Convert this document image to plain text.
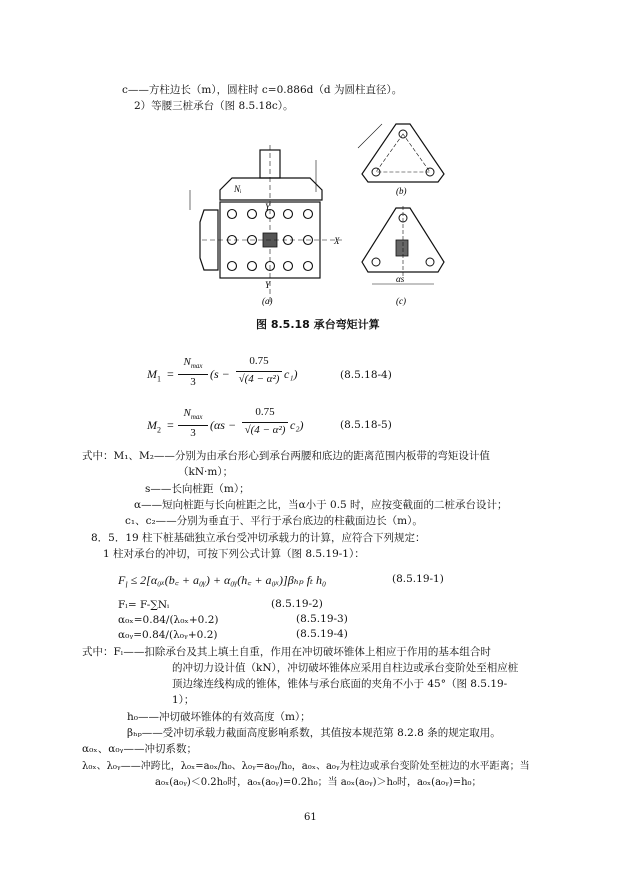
c——方柱边长（m），圆柱时 c=0.886d（d 为圆柱直径）。
2）等腰三桩承台（图 8.5.18c）。
X
Y
Y
Nᵢ
(a)
(b)
αs
(c)
图 8.5.18 承台弯矩计算
$M_1$ =
$N_{max}$
3
(s −
0.75
√(4 − α²) c₁)	(8.5.18-4)
$M_2$ =
$N_{max}$
3
(αs −
0.75
√(4 − α²) c₂)	(8.5.18-5)
式中：M₁、M₂——分别为由承台形心到承台两腰和底边的距离范围内板带的弯矩设计值
（kN·m）；
s——长向桩距（m）；
α——短向桩距与长向桩距之比，当α小于 0.5 时，应按变截面的二桩承台设计；
c₁、c₂——分别为垂直于、平行于承台底边的柱截面边长（m）。
8．5．19 柱下桩基础独立承台受冲切承载力的计算，应符合下列规定：
1 柱对承台的冲切，可按下列公式计算（图 8.5.19-1）：
$F_l$ ≤ 2[α₀ₓ(b꜀ + a₀ᵧ) + α₀ᵧ(h꜀ + a₀ₓ)]βₕₚ fₜ h₀	(8.5.19-1)
Fₗ= F-∑Nᵢ	(8.5.19-2)
α₀ₓ=0.84/(λ₀ₓ+0.2)	(8.5.19-3)
α₀ᵧ=0.84/(λ₀ᵧ+0.2)	(8.5.19-4)
式中：Fₗ——扣除承台及其上填土自重，作用在冲切破坏锥体上相应于作用的基本组合时
的冲切力设计值（kN），冲切破坏锥体应采用自柱边或承台变阶处至相应桩
顶边缘连线构成的锥体，锥体与承台底面的夹角不小于 45°（图 8.5.19-
1）；
h₀——冲切破坏锥体的有效高度（m）；
βₕₚ——受冲切承载力截面高度影响系数，其值按本规范第 8.2.8 条的规定取用。
α₀ₓ、α₀ᵧ——冲切系数；
λ₀ₓ、λ₀ᵧ——冲跨比，λ₀ₓ=a₀ₓ/h₀、λ₀ᵧ=a₀ᵧ/h₀，a₀ₓ、a₀ᵧ为柱边或承台变阶处至桩边的水平距离；当
a₀ₓ(a₀ᵧ)＜0.2h₀时，a₀ₓ(a₀ᵧ)=0.2h₀；当 a₀ₓ(a₀ᵧ)＞h₀时，a₀ₓ(a₀ᵧ)=h₀；
61
